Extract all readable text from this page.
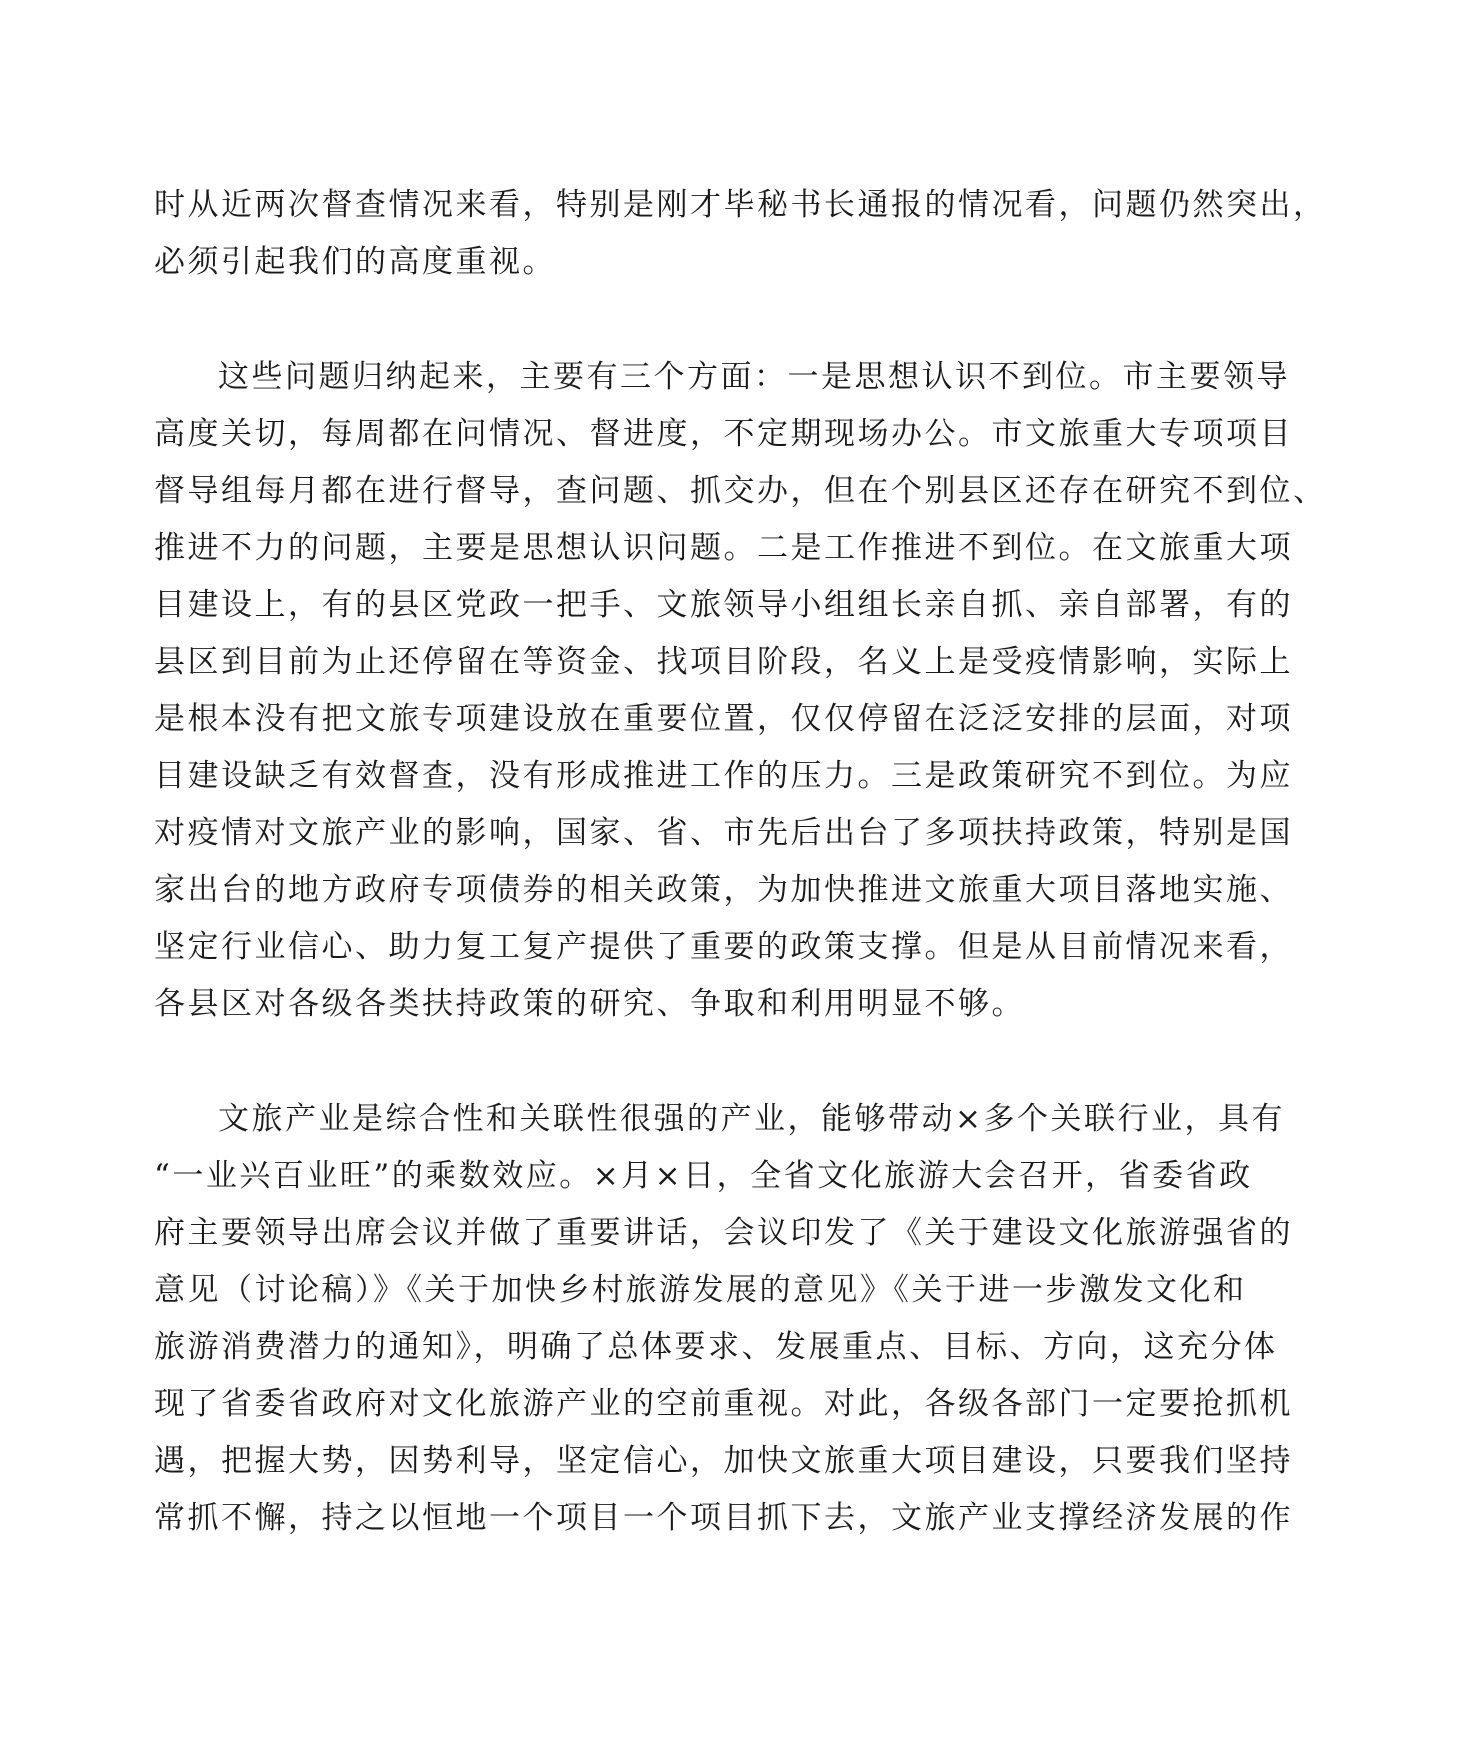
时从近两次督查情况来看，特别是刚才毕秘书长通报的情况看，问题仍然突出，
必须引起我们的高度重视。
这些问题归纳起来，主要有三个方面：一是思想认识不到位。市主要领导
高度关切，每周都在问情况、督进度，不定期现场办公。市文旅重大专项项目
督导组每月都在进行督导，查问题、抓交办，但在个别县区还存在研究不到位、
推进不力的问题，主要是思想认识问题。二是工作推进不到位。在文旅重大项
目建设上，有的县区党政一把手、文旅领导小组组长亲自抓、亲自部署，有的
县区到目前为止还停留在等资金、找项目阶段，名义上是受疫情影响，实际上
是根本没有把文旅专项建设放在重要位置，仅仅停留在泛泛安排的层面，对项
目建设缺乏有效督查，没有形成推进工作的压力。三是政策研究不到位。为应
对疫情对文旅产业的影响，国家、省、市先后出台了多项扶持政策，特别是国
家出台的地方政府专项债券的相关政策，为加快推进文旅重大项目落地实施、
坚定行业信心、助力复工复产提供了重要的政策支撑。但是从目前情况来看，
各县区对各级各类扶持政策的研究、争取和利用明显不够。
文旅产业是综合性和关联性很强的产业，能够带动×多个关联行业，具有
“一业兴百业旺”的乘数效应。×月×日，全省文化旅游大会召开，省委省政
府主要领导出席会议并做了重要讲话，会议印发了《关于建设文化旅游强省的
意见（讨论稿）》《关于加快乡村旅游发展的意见》《关于进一步激发文化和
旅游消费潜力的通知》，明确了总体要求、发展重点、目标、方向，这充分体
现了省委省政府对文化旅游产业的空前重视。对此，各级各部门一定要抢抓机
遇，把握大势，因势利导，坚定信心，加快文旅重大项目建设，只要我们坚持
常抓不懈，持之以恒地一个项目一个项目抓下去，文旅产业支撑经济发展的作
